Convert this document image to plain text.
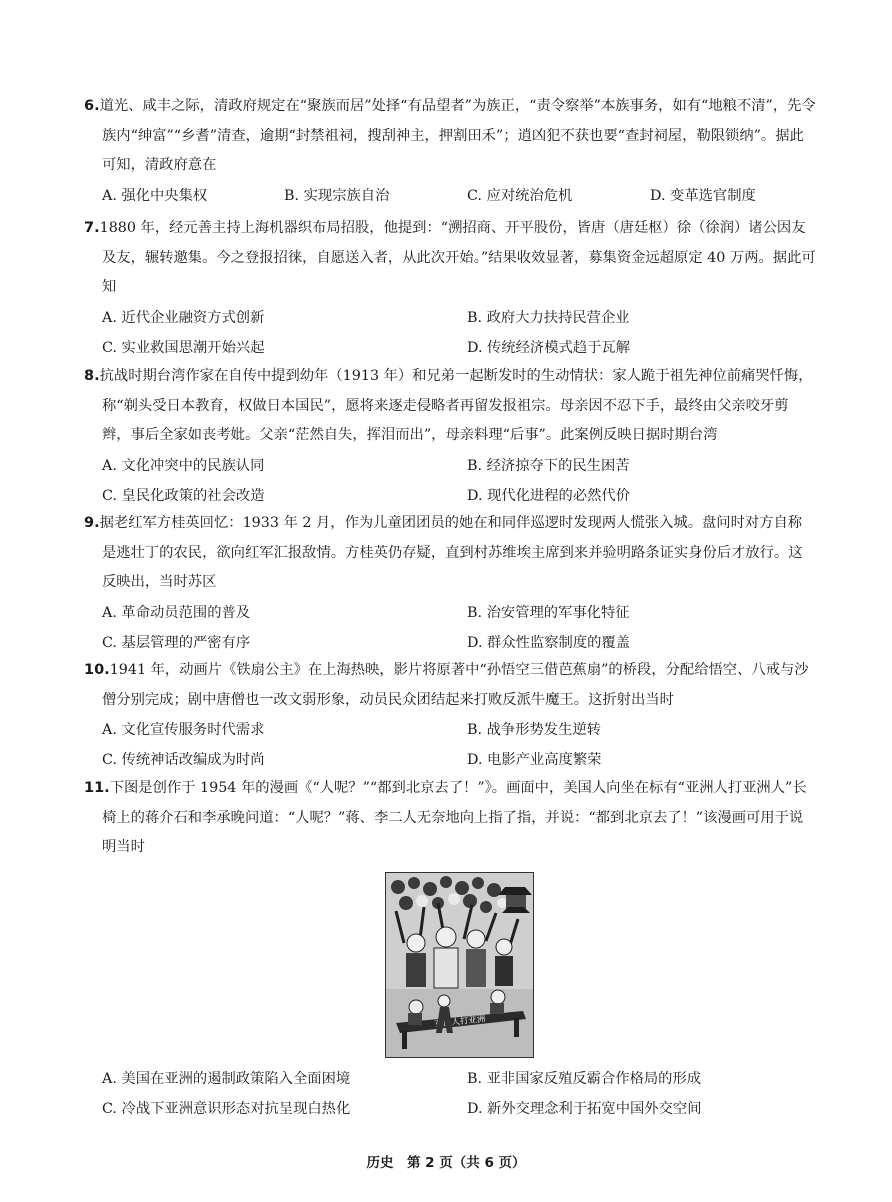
6.道光、咸丰之际，清政府规定在“聚族而居”处择“有品望者”为族正，“责令察举”本族事务，如有“地粮不清”，先令族内“绅富”“乡耆”清查，逾期“封禁祖祠，搜刮神主，押割田禾”；逍凶犯不获也要“查封祠屋，勒限锁纳”。据此可知，清政府意在

A. 强化中央集权	B. 实现宗族自治	C. 应对统治危机	D. 变革选官制度

7.1880 年，经元善主持上海机器织布局招股，他提到：“溯招商、开平股份，皆唐（唐廷枢）徐（徐润）诸公因友及友，辗转邀集。今之登报招徕，自愿送入者，从此次开始。”结果收效显著，募集资金远超原定 40 万两。据此可知

A. 近代企业融资方式创新	B. 政府大力扶持民营企业
C. 实业救国思潮开始兴起	D. 传统经济模式趋于瓦解

8.抗战时期台湾作家在自传中提到幼年（1913 年）和兄弟一起断发时的生动情状：家人跪于祖先神位前痛哭忏悔，称“剃头受日本教育，权做日本国民”，愿将来逐走侵略者再留发报祖宗。母亲因不忍下手，最终由父亲咬牙剪辫，事后全家如丧考妣。父亲“茫然自失，挥泪而出”，母亲料理“后事”。此案例反映日据时期台湾

A. 文化冲突中的民族认同	B. 经济掠夺下的民生困苦
C. 皇民化政策的社会改造	D. 现代化进程的必然代价

9.据老红军方桂英回忆：1933 年 2 月，作为儿童团团员的她在和同伴巡逻时发现两人慌张入城。盘问时对方自称是逃壮丁的农民，欲向红军汇报敌情。方桂英仍存疑，直到村苏维埃主席到来并验明路条证实身份后才放行。这反映出，当时苏区

A. 革命动员范围的普及	B. 治安管理的军事化特征
C. 基层管理的严密有序	D. 群众性监察制度的覆盖

10.1941 年，动画片《铁扇公主》在上海热映，影片将原著中“孙悟空三借芭蕉扇”的桥段，分配给悟空、八戒与沙僧分别完成；剧中唐僧也一改文弱形象，动员民众团结起来打败反派牛魔王。这折射出当时

A. 文化宣传服务时代需求	B. 战争形势发生逆转
C. 传统神话改编成为时尚	D. 电影产业高度繁荣

11.下图是创作于 1954 年的漫画《“人呢？”“都到北京去了！”》。画面中，美国人向坐在标有“亚洲人打亚洲人”长椅上的蒋介石和李承晚问道：“人呢？”蒋、李二人无奈地向上指了指，并说：“都到北京去了！”该漫画可用于说明当时

亚洲人打亚洲
A. 美国在亚洲的遏制政策陷入全面困境	B. 亚非国家反殖反霸合作格局的形成
C. 冷战下亚洲意识形态对抗呈现白热化	D. 新外交理念利于拓宽中国外交空间
历史　第 2 页（共 6 页）
